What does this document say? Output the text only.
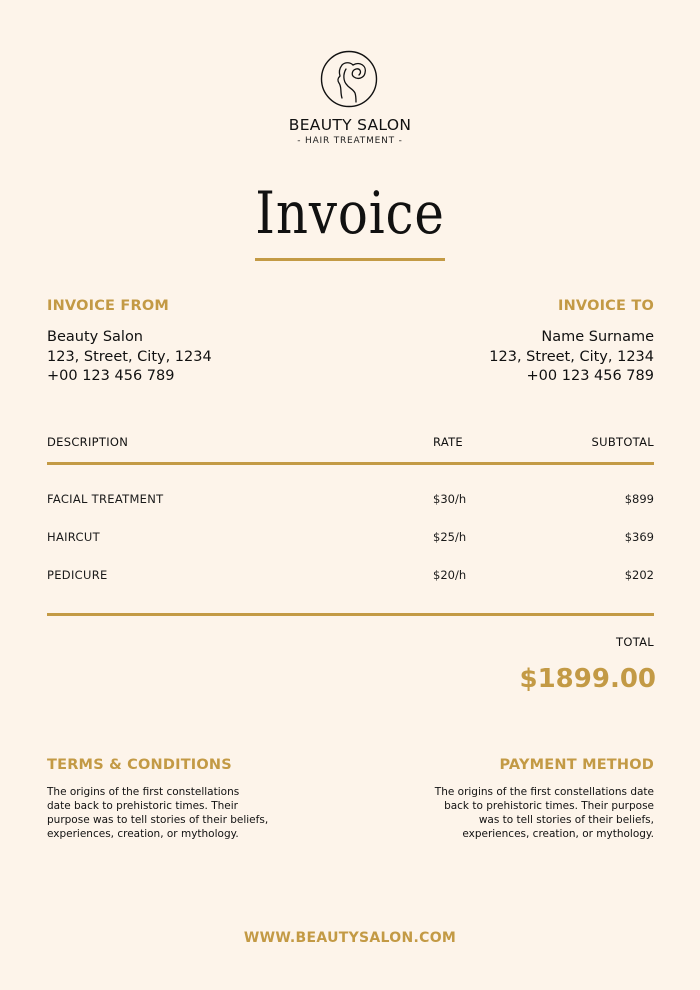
BEAUTY SALON
- HAIR TREATMENT -
Invoice
INVOICE FROM	INVOICE TO
Beauty Salon
123, Street, City, 1234
+00 123 456 789
Name Surname
123, Street, City, 1234
+00 123 456 789
DESCRIPTION	RATE	SUBTOTAL
FACIAL TREATMENT	$30/h	$899
HAIRCUT	$25/h	$369
PEDICURE	$20/h	$202
TOTAL
$1899.00
TERMS & CONDITIONS	PAYMENT METHOD
The origins of the first constellations
date back to prehistoric times. Their
purpose was to tell stories of their beliefs,
experiences, creation, or mythology.
The origins of the first constellations date
back to prehistoric times. Their purpose
was to tell stories of their beliefs,
experiences, creation, or mythology.
WWW.BEAUTYSALON.COM
